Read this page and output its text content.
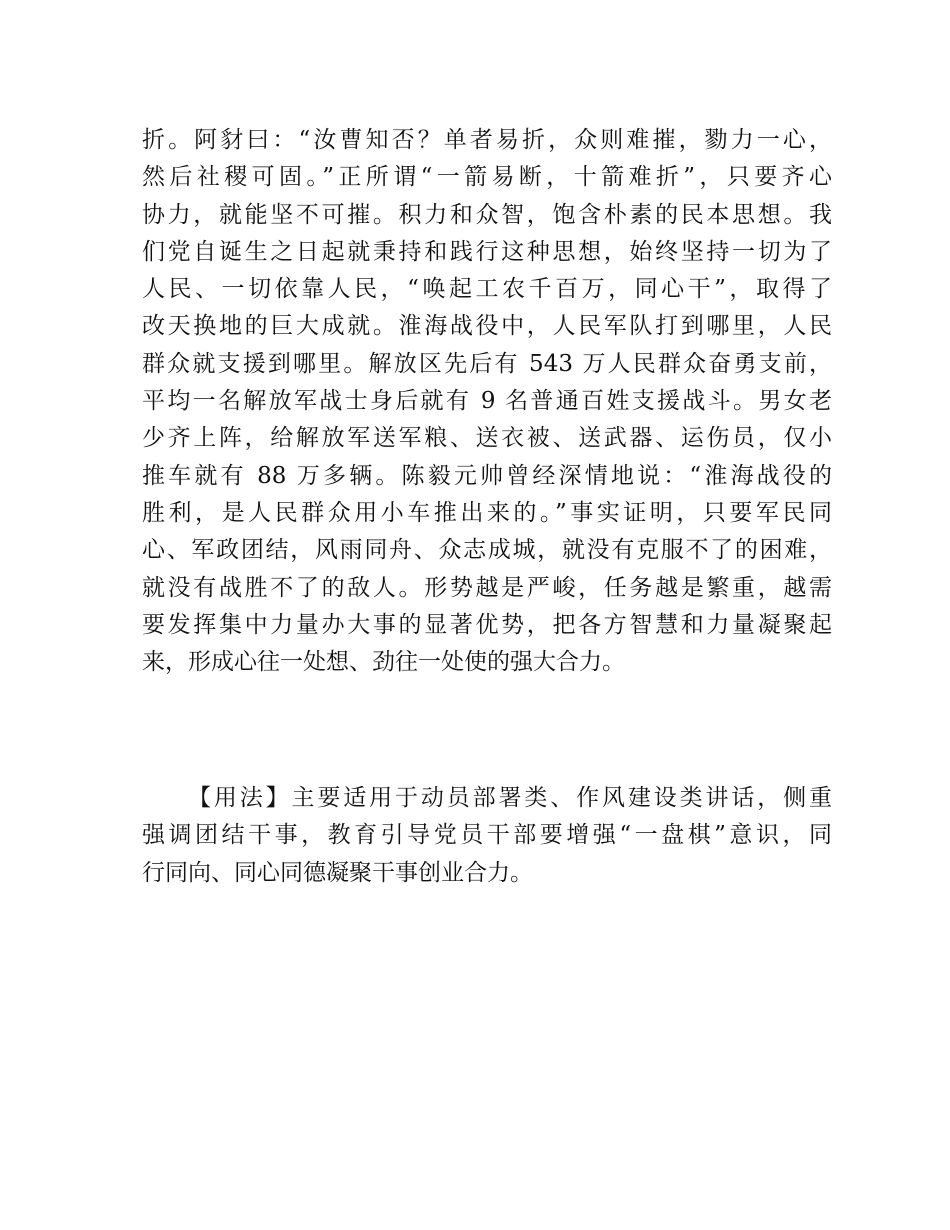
折。阿豺曰：“汝曹知否？单者易折，众则难摧，勠力一心，
然后社稷可固。”正所谓“一箭易断，十箭难折”，只要齐心
协力，就能坚不可摧。积力和众智，饱含朴素的民本思想。我
们党自诞生之日起就秉持和践行这种思想，始终坚持一切为了
人民、一切依靠人民，“唤起工农千百万，同心干”，取得了
改天换地的巨大成就。淮海战役中，人民军队打到哪里，人民
群众就支援到哪里。解放区先后有 543 万人民群众奋勇支前，
平均一名解放军战士身后就有 9 名普通百姓支援战斗。男女老
少齐上阵，给解放军送军粮、送衣被、送武器、运伤员，仅小
推车就有 88 万多辆。陈毅元帅曾经深情地说：“淮海战役的
胜利，是人民群众用小车推出来的。”事实证明，只要军民同
心、军政团结，风雨同舟、众志成城，就没有克服不了的困难，
就没有战胜不了的敌人。形势越是严峻，任务越是繁重，越需
要发挥集中力量办大事的显著优势，把各方智慧和力量凝聚起
来，形成心往一处想、劲往一处使的强大合力。
【用法】主要适用于动员部署类、作风建设类讲话，侧重
强调团结干事，教育引导党员干部要增强“一盘棋”意识，同
行同向、同心同德凝聚干事创业合力。
